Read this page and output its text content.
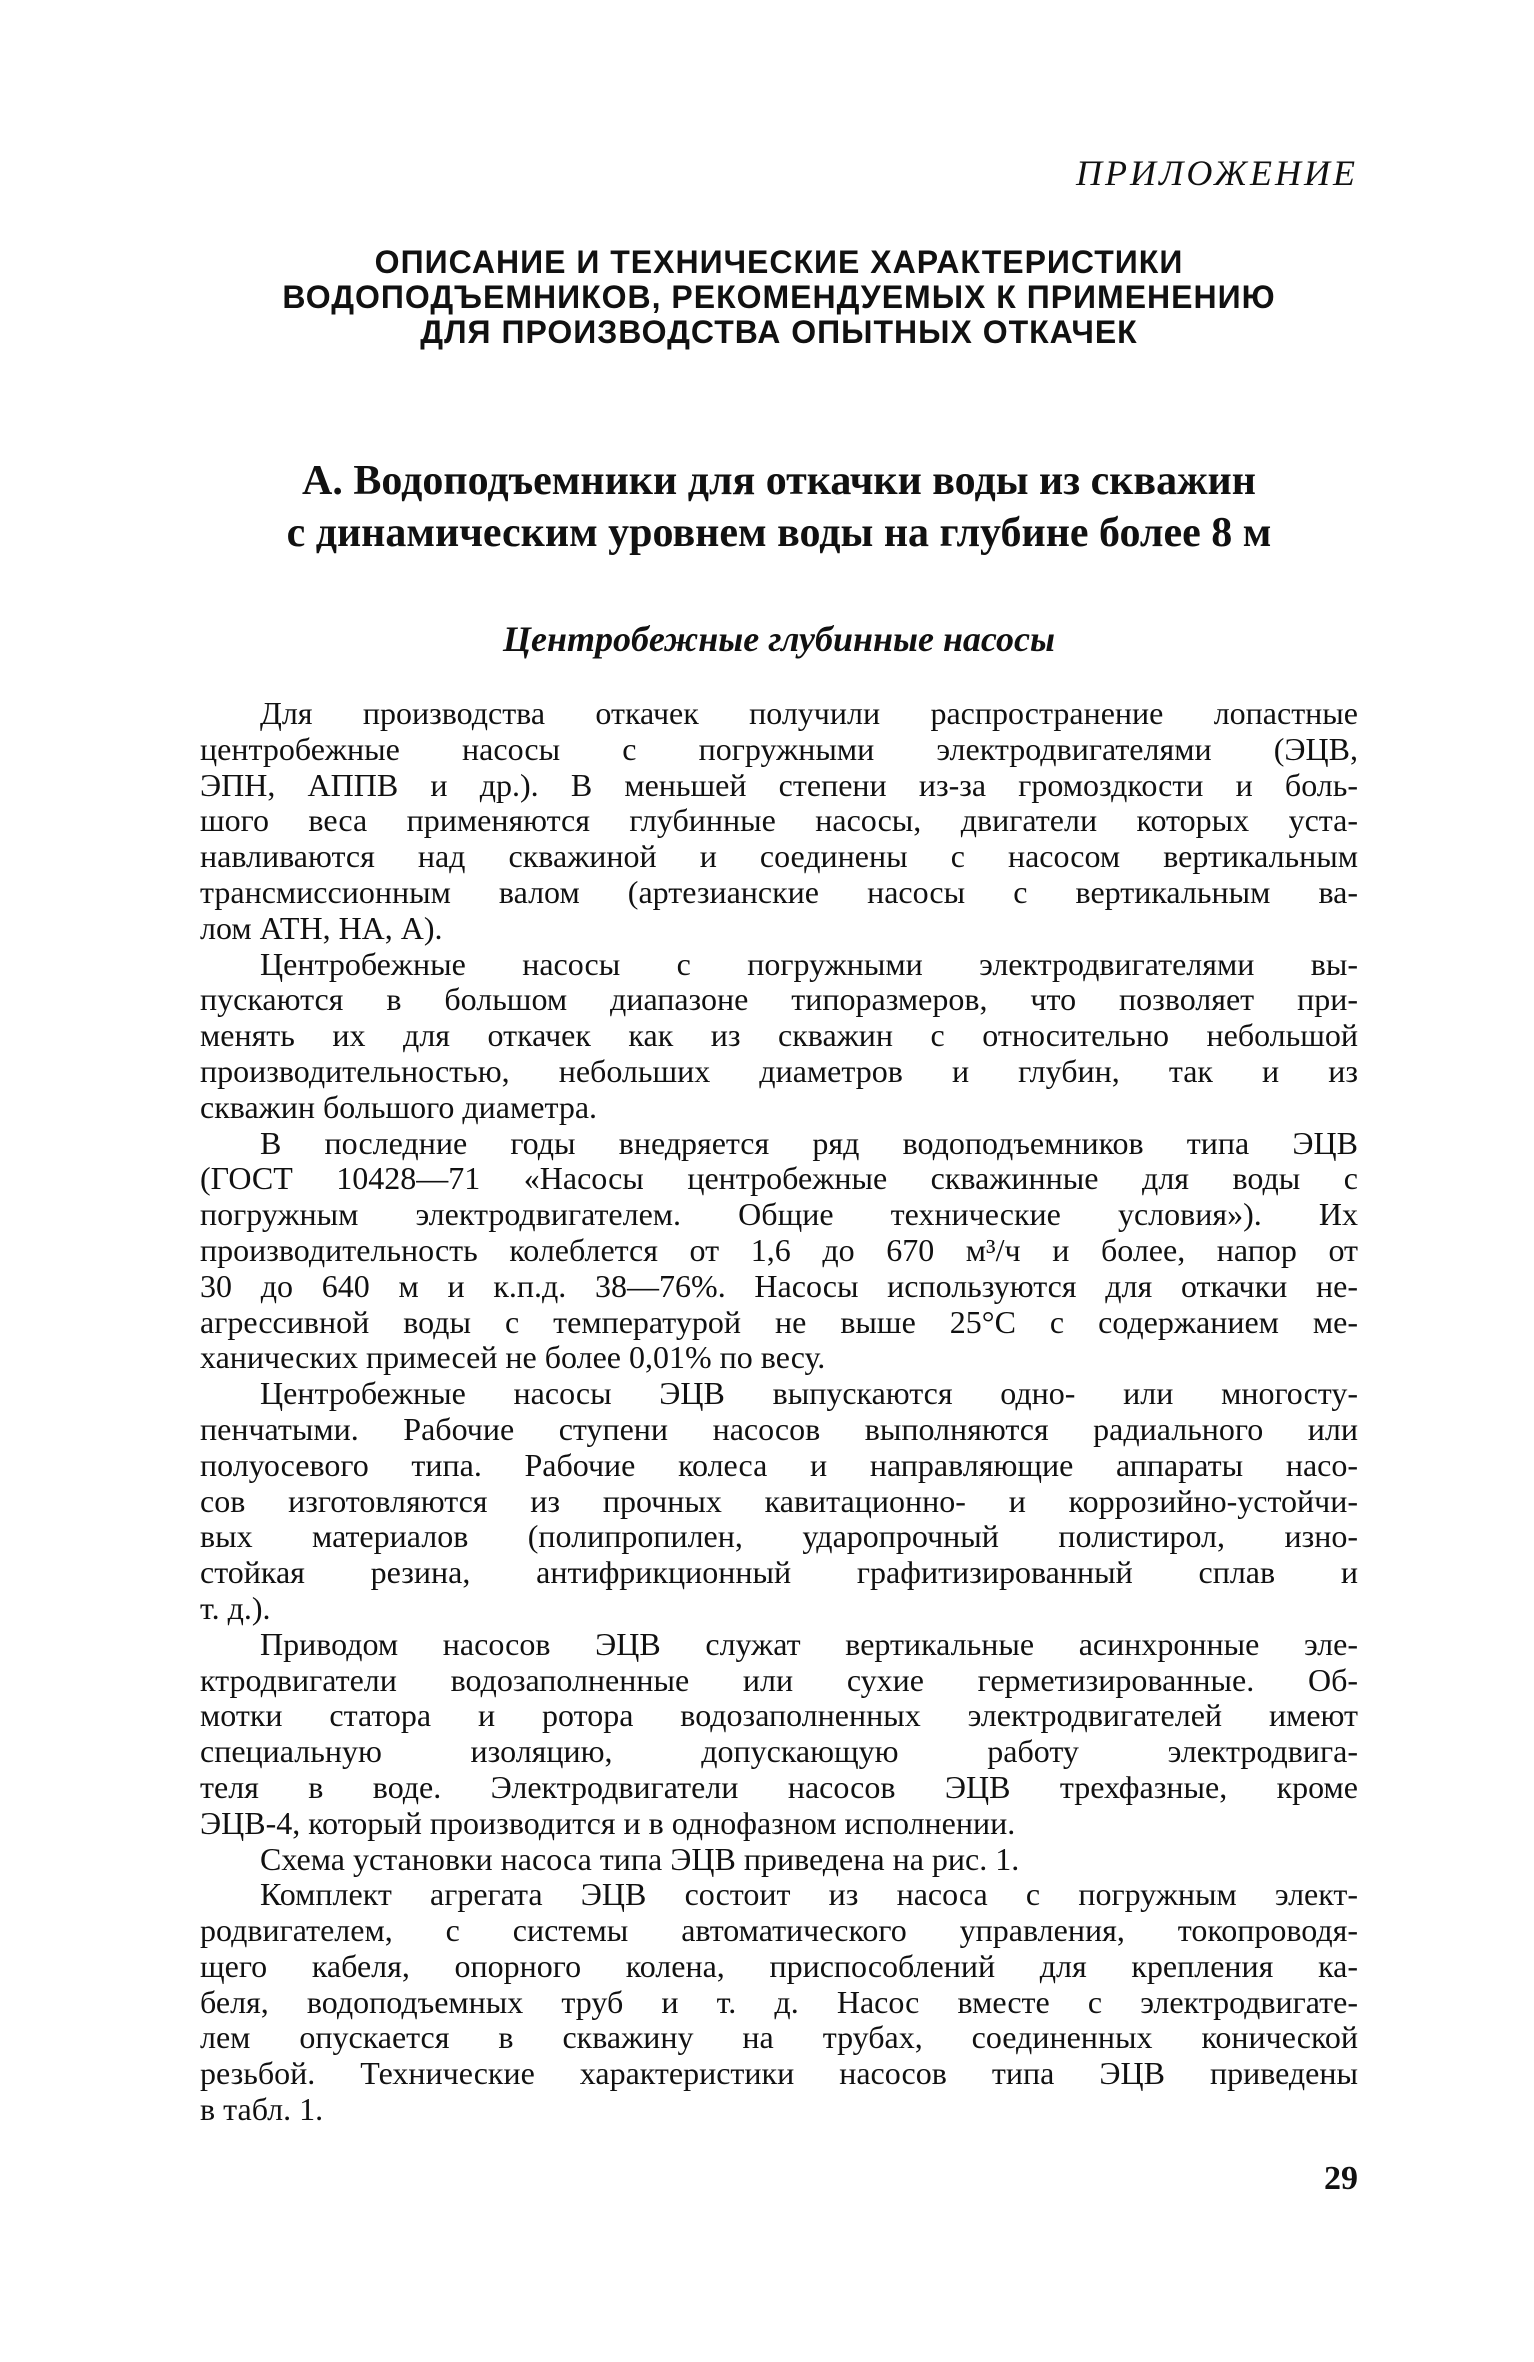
ПРИЛОЖЕНИЕ
ОПИСАНИЕ И ТЕХНИЧЕСКИЕ ХАРАКТЕРИСТИКИ
ВОДОПОДЪЕМНИКОВ, РЕКОМЕНДУЕМЫХ К ПРИМЕНЕНИЮ
ДЛЯ ПРОИЗВОДСТВА ОПЫТНЫХ ОТКАЧЕК
А. Водоподъемники для откачки воды из скважин
с динамическим уровнем воды на глубине более 8 м
Центробежные глубинные насосы
Для производства откачек получили распространение лопастные
центробежные насосы с погружными электродвигателями (ЭЦВ,
ЭПН, АППВ и др.). В меньшей степени из-за громоздкости и боль-
шого веса применяются глубинные насосы, двигатели которых уста-
навливаются над скважиной и соединены с насосом вертикальным
трансмиссионным валом (артезианские насосы с вертикальным ва-
лом АТН, НА, А).
Центробежные насосы с погружными электродвигателями вы-
пускаются в большом диапазоне типоразмеров, что позволяет при-
менять их для откачек как из скважин с относительно небольшой
производительностью, небольших диаметров и глубин, так и из
скважин большого диаметра.
В последние годы внедряется ряд водоподъемников типа ЭЦВ
(ГОСТ 10428—71 «Насосы центробежные скважинные для воды с
погружным электродвигателем. Общие технические условия»). Их
производительность колеблется от 1,6 до 670 м³/ч и более, напор от
30 до 640 м и к.п.д. 38—76%. Насосы используются для откачки не-
агрессивной воды с температурой не выше 25°С с содержанием ме-
ханических примесей не более 0,01% по весу.
Центробежные насосы ЭЦВ выпускаются одно- или многосту-
пенчатыми. Рабочие ступени насосов выполняются радиального или
полуосевого типа. Рабочие колеса и направляющие аппараты насо-
сов изготовляются из прочных кавитационно- и коррозийно-устойчи-
вых материалов (полипропилен, ударопрочный полистирол, изно-
стойкая резина, антифрикционный графитизированный сплав и
т. д.).
Приводом насосов ЭЦВ служат вертикальные асинхронные эле-
ктродвигатели водозаполненные или сухие герметизированные. Об-
мотки статора и ротора водозаполненных электродвигателей имеют
специальную изоляцию, допускающую работу электродвига-
теля в воде. Электродвигатели насосов ЭЦВ трехфазные, кроме
ЭЦВ-4, который производится и в однофазном исполнении.
Схема установки насоса типа ЭЦВ приведена на рис. 1.
Комплект агрегата ЭЦВ состоит из насоса с погружным элект-
родвигателем, с системы автоматического управления, токопроводя-
щего кабеля, опорного колена, приспособлений для крепления ка-
беля, водоподъемных труб и т. д. Насос вместе с электродвигате-
лем опускается в скважину на трубах, соединенных конической
резьбой. Технические характеристики насосов типа ЭЦВ приведены
в табл. 1.
29
